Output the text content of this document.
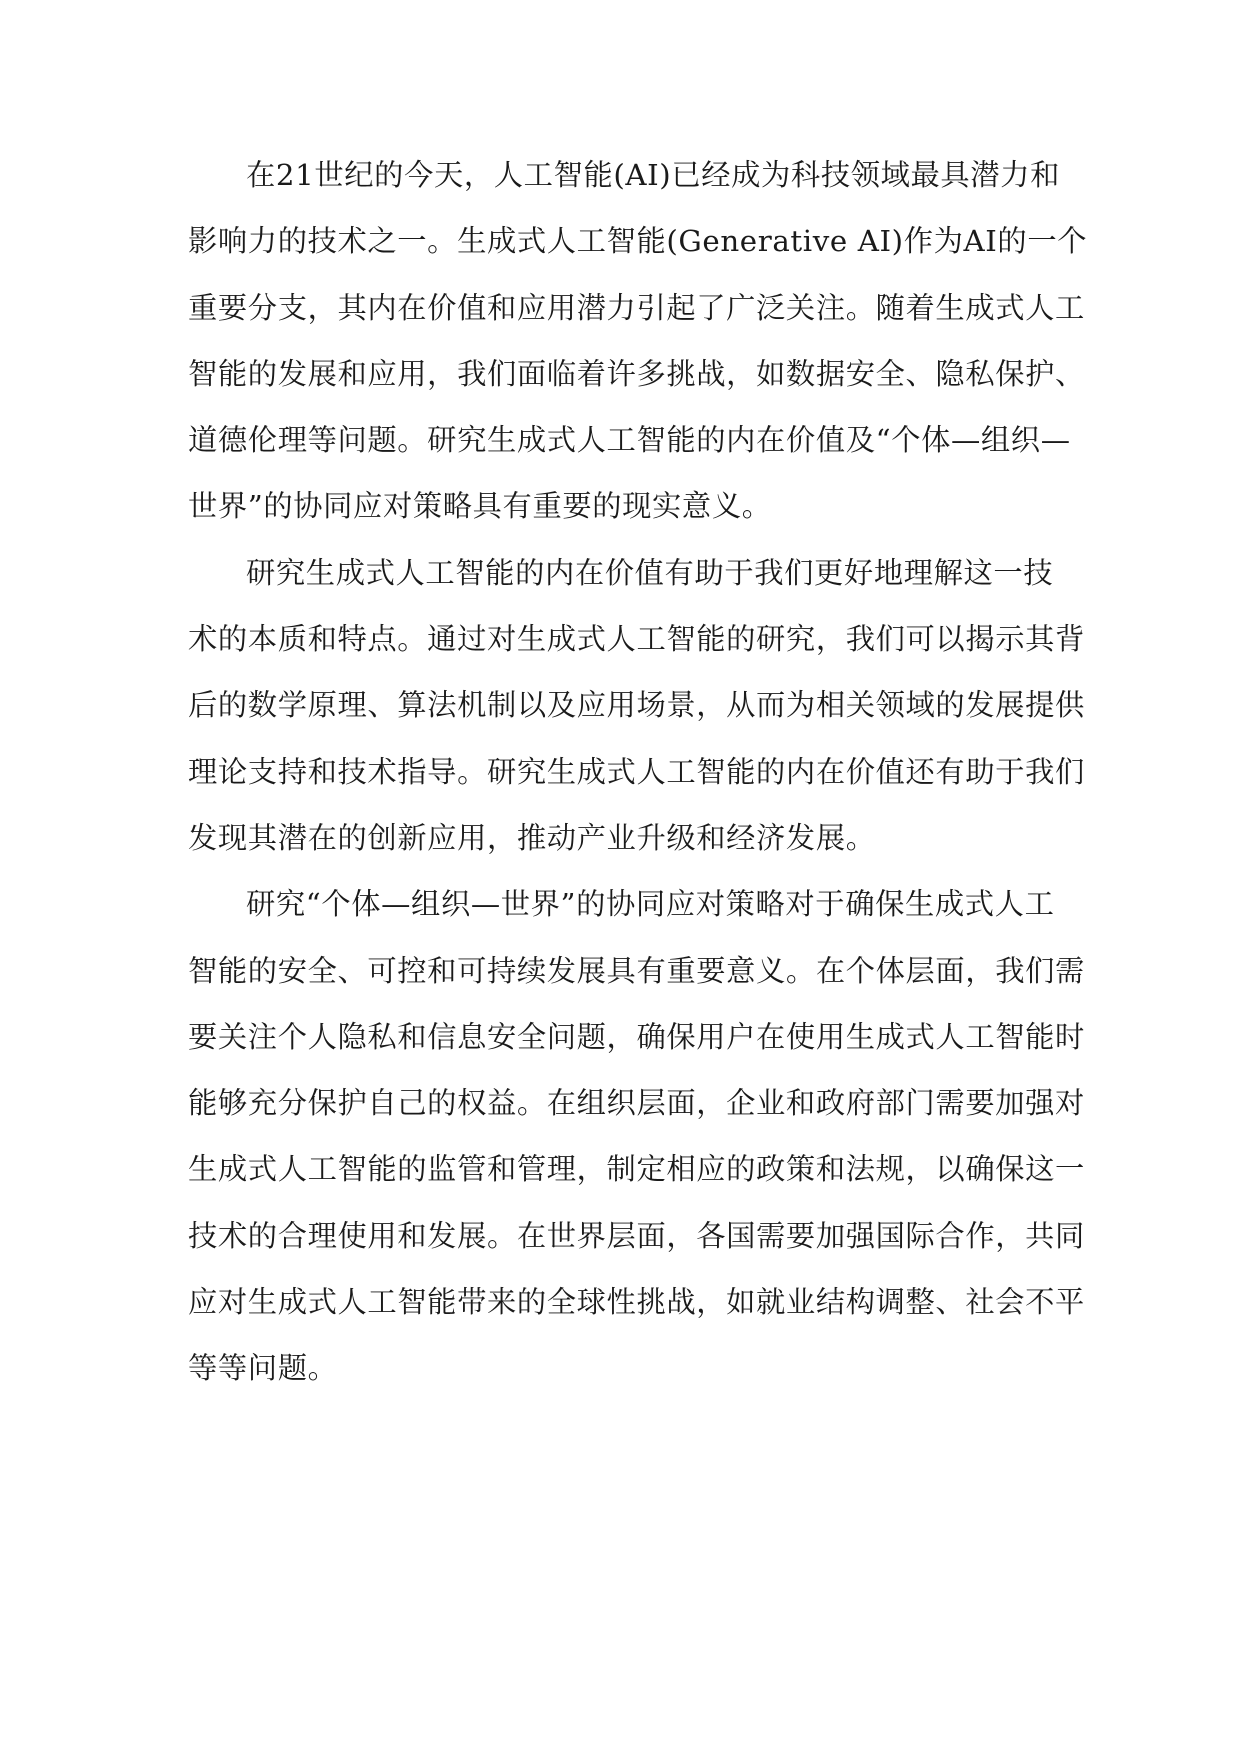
在21世纪的今天，人工智能(AI)已经成为科技领域最具潜力和
影响力的技术之一。生成式人工智能(Generative AI)作为AI的一个
重要分支，其内在价值和应用潜力引起了广泛关注。随着生成式人工
智能的发展和应用，我们面临着许多挑战，如数据安全、隐私保护、
道德伦理等问题。研究生成式人工智能的内在价值及“个体—组织—
世界”的协同应对策略具有重要的现实意义。
研究生成式人工智能的内在价值有助于我们更好地理解这一技
术的本质和特点。通过对生成式人工智能的研究，我们可以揭示其背
后的数学原理、算法机制以及应用场景，从而为相关领域的发展提供
理论支持和技术指导。研究生成式人工智能的内在价值还有助于我们
发现其潜在的创新应用，推动产业升级和经济发展。
研究“个体—组织—世界”的协同应对策略对于确保生成式人工
智能的安全、可控和可持续发展具有重要意义。在个体层面，我们需
要关注个人隐私和信息安全问题，确保用户在使用生成式人工智能时
能够充分保护自己的权益。在组织层面，企业和政府部门需要加强对
生成式人工智能的监管和管理，制定相应的政策和法规，以确保这一
技术的合理使用和发展。在世界层面，各国需要加强国际合作，共同
应对生成式人工智能带来的全球性挑战，如就业结构调整、社会不平
等等问题。
